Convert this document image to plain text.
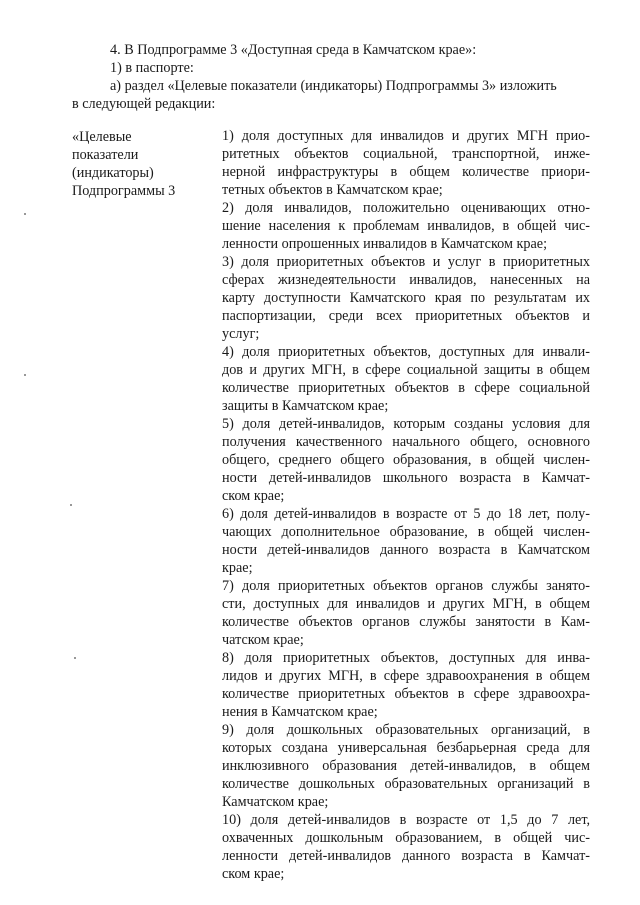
4. В Подпрограмме 3 «Доступная среда в Камчатском крае»:
1) в паспорте:
а) раздел «Целевые показатели (индикаторы) Подпрограммы 3» изложить
в следующей редакции:
«Целевые
показатели
(индикаторы)
Подпрограммы 3
1) доля доступных для инвалидов и других МГН прио-
ритетных объектов социальной, транспортной, инже-
нерной инфраструктуры в общем количестве приори-
тетных объектов в Камчатском крае;
2) доля инвалидов, положительно оценивающих отно-
шение населения к проблемам инвалидов, в общей чис-
ленности опрошенных инвалидов в Камчатском крае;
3) доля приоритетных объектов и услуг в приоритетных
сферах жизнедеятельности инвалидов, нанесенных на
карту доступности Камчатского края по результатам их
паспортизации, среди всех приоритетных объектов и
услуг;
4) доля приоритетных объектов, доступных для инвали-
дов и других МГН, в сфере социальной защиты в общем
количестве приоритетных объектов в сфере социальной
защиты в Камчатском крае;
5) доля детей-инвалидов, которым созданы условия для
получения качественного начального общего, основного
общего, среднего общего образования, в общей числен-
ности детей-инвалидов школьного возраста в Камчат-
ском крае;
6) доля детей-инвалидов в возрасте от 5 до 18 лет, полу-
чающих дополнительное образование, в общей числен-
ности детей-инвалидов данного возраста в Камчатском
крае;
7) доля приоритетных объектов органов службы занято-
сти, доступных для инвалидов и других МГН, в общем
количестве объектов органов службы занятости в Кам-
чатском крае;
8) доля приоритетных объектов, доступных для инва-
лидов и других МГН, в сфере здравоохранения в общем
количестве приоритетных объектов в сфере здравоохра-
нения в Камчатском крае;
9) доля дошкольных образовательных организаций, в
которых создана универсальная безбарьерная среда для
инклюзивного образования детей-инвалидов, в общем
количестве дошкольных образовательных организаций в
Камчатском крае;
10) доля детей-инвалидов в возрасте от 1,5 до 7 лет,
охваченных дошкольным образованием, в общей чис-
ленности детей-инвалидов данного возраста в Камчат-
ском крае;
